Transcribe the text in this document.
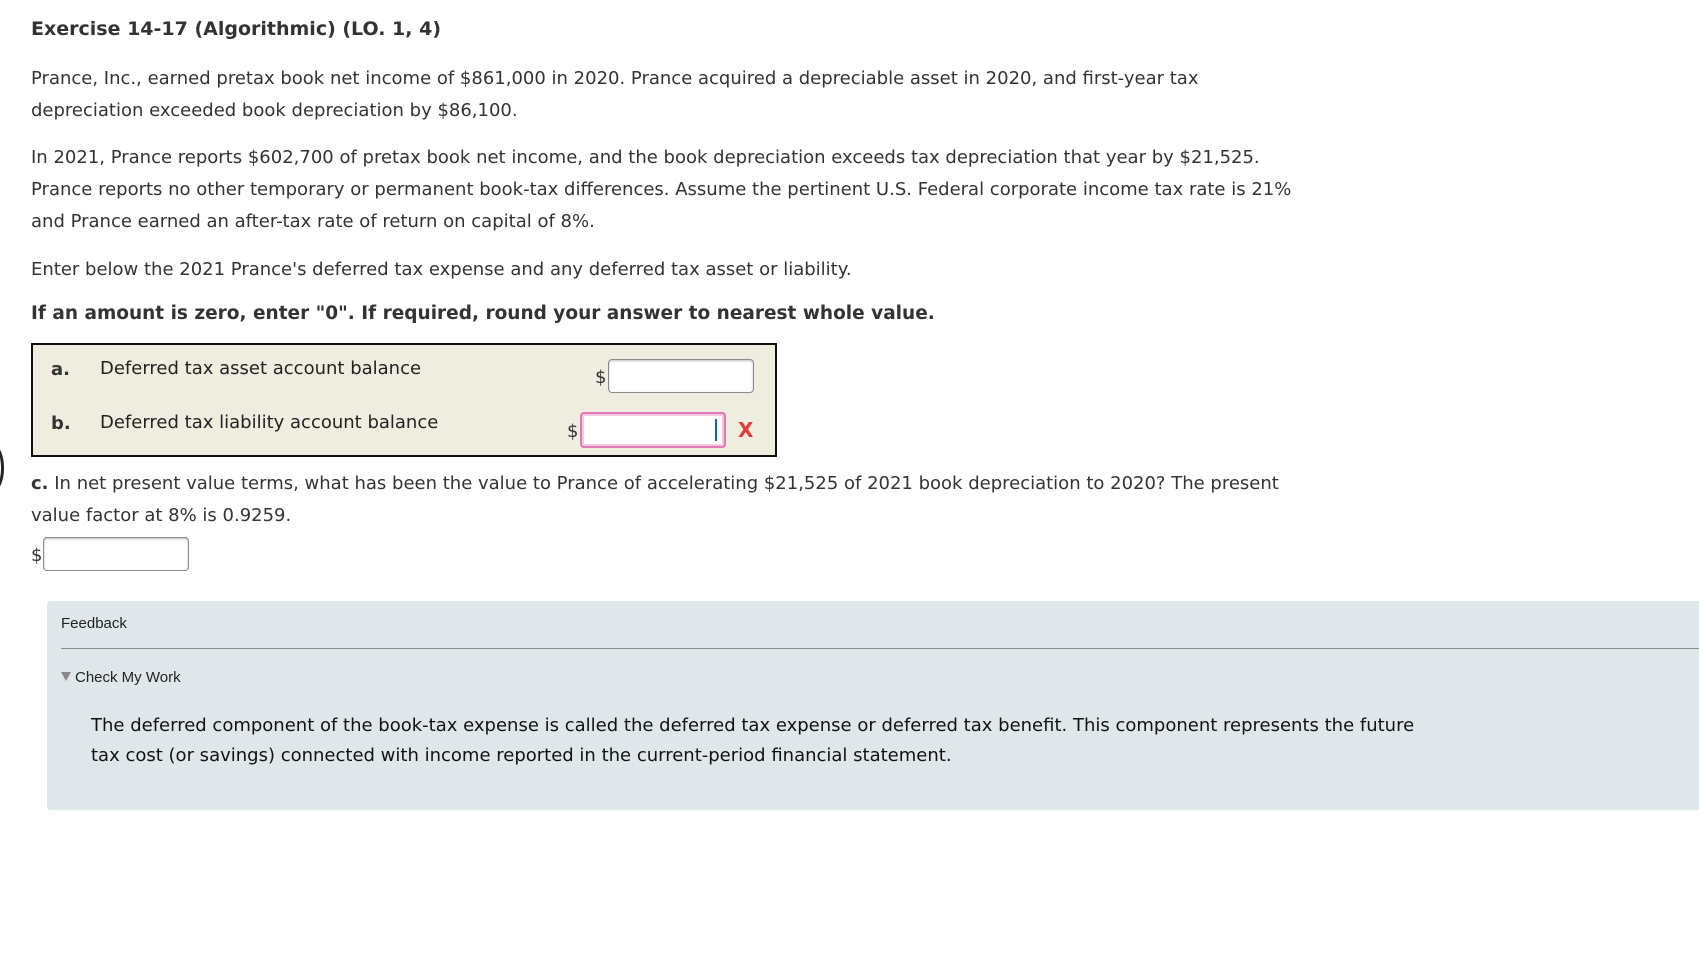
Exercise 14-17 (Algorithmic) (LO. 1, 4)
Prance, Inc., earned pretax book net income of $861,000 in 2020. Prance acquired a depreciable asset in 2020, and first-year tax
depreciation exceeded book depreciation by $86,100.
In 2021, Prance reports $602,700 of pretax book net income, and the book depreciation exceeds tax depreciation that year by $21,525.
Prance reports no other temporary or permanent book-tax differences. Assume the pertinent U.S. Federal corporate income tax rate is 21%
and Prance earned an after-tax rate of return on capital of 8%.
Enter below the 2021 Prance's deferred tax expense and any deferred tax asset or liability.
If an amount is zero, enter "0". If required, round your answer to nearest whole value.
a. Deferred tax asset account balance	$
b. Deferred tax liability account balance	$	X
c. In net present value terms, what has been the value to Prance of accelerating $21,525 of 2021 book depreciation to 2020? The present
value factor at 8% is 0.9259.
$
Feedback
Check My Work
The deferred component of the book-tax expense is called the deferred tax expense or deferred tax benefit. This component represents the future
tax cost (or savings) connected with income reported in the current-period financial statement.
